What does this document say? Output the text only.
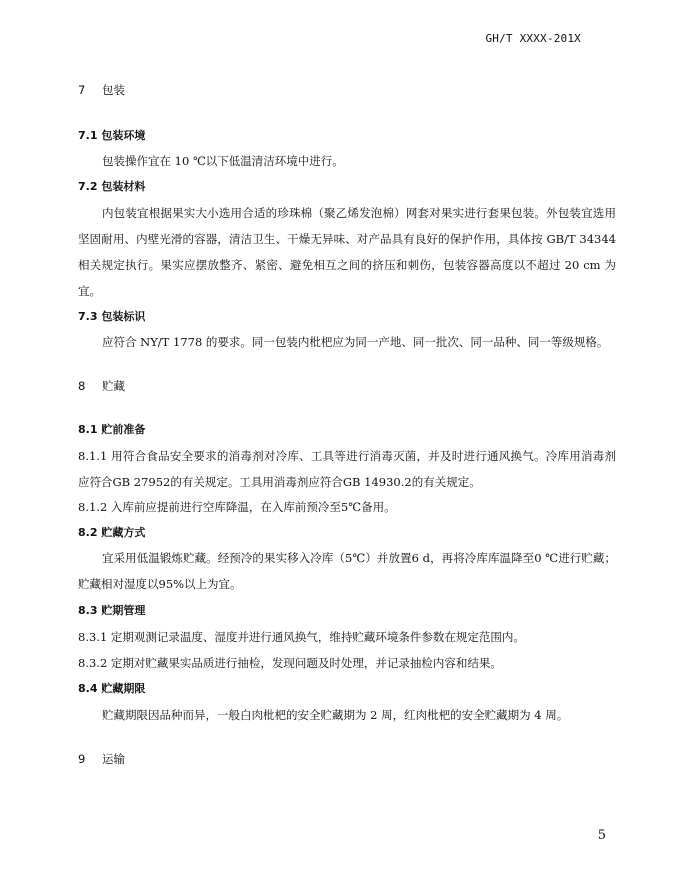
GH/T XXXX-201X
7 包装
7.1 包装环境
包装操作宜在 10 ℃以下低温清洁环境中进行。
7.2 包装材料
内包装宜根据果实大小选用合适的珍珠棉（聚乙烯发泡棉）网套对果实进行套果包装。外包装宜选用
坚固耐用、内壁光滑的容器，清洁卫生、干燥无异味、对产品具有良好的保护作用，具体按 GB/T 34344
相关规定执行。果实应摆放整齐、紧密、避免相互之间的挤压和刺伤，包装容器高度以不超过 20 cm 为
宜。
7.3 包装标识
应符合 NY/T 1778 的要求。同一包装内枇杷应为同一产地、同一批次、同一品种、同一等级规格。
8 贮藏
8.1 贮前准备
8.1.1 用符合食品安全要求的消毒剂对冷库、工具等进行消毒灭菌，并及时进行通风换气。冷库用消毒剂
应符合GB 27952的有关规定。工具用消毒剂应符合GB 14930.2的有关规定。
8.1.2 入库前应提前进行空库降温，在入库前预冷至5℃备用。
8.2 贮藏方式
宜采用低温锻炼贮藏。经预冷的果实移入冷库（5℃）并放置6 d，再将冷库库温降至0 ℃进行贮藏；
贮藏相对湿度以95%以上为宜。
8.3 贮期管理
8.3.1 定期观测记录温度、湿度并进行通风换气，维持贮藏环境条件参数在规定范围内。
8.3.2 定期对贮藏果实品质进行抽检，发现问题及时处理，并记录抽检内容和结果。
8.4 贮藏期限
贮藏期限因品种而异，一般白肉枇杷的安全贮藏期为 2 周，红肉枇杷的安全贮藏期为 4 周。
9 运输
5
